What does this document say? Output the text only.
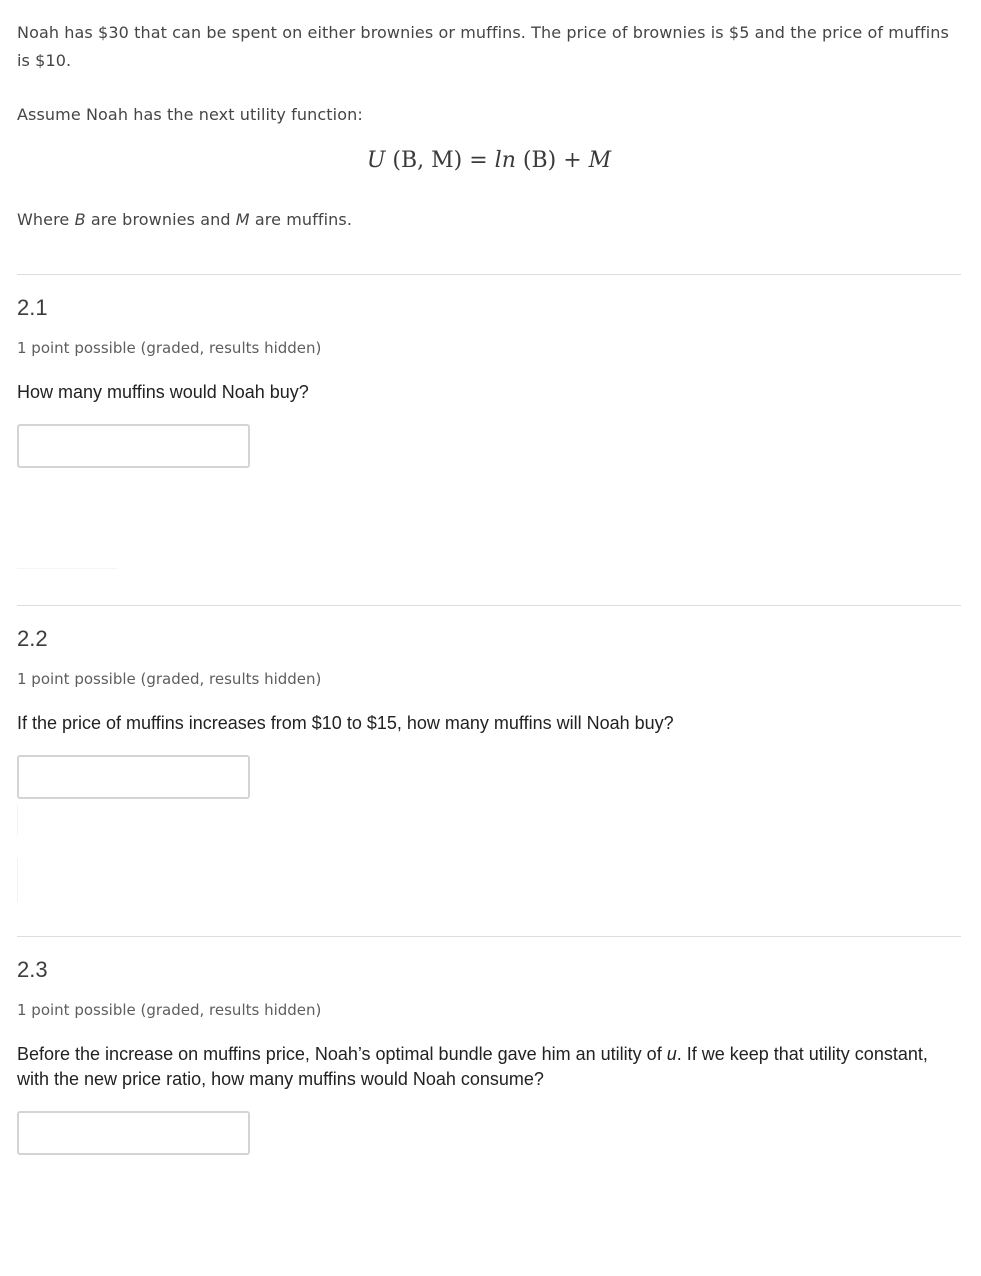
Noah has $30 that can be spent on either brownies or muffins. The price of brownies is $5 and the price of muffins is $10.

Assume Noah has the next utility function:

U (B, M) = ln (B) + M

Where B are brownies and M are muffins.

2.1
1 point possible (graded, results hidden)
How many muffins would Noah buy?
2.2
1 point possible (graded, results hidden)
If the price of muffins increases from $10 to $15, how many muffins will Noah buy?
2.3
1 point possible (graded, results hidden)
Before the increase on muffins price, Noah’s optimal bundle gave him an utility of u. If we keep that utility constant, with the new price ratio, how many muffins would Noah consume?
